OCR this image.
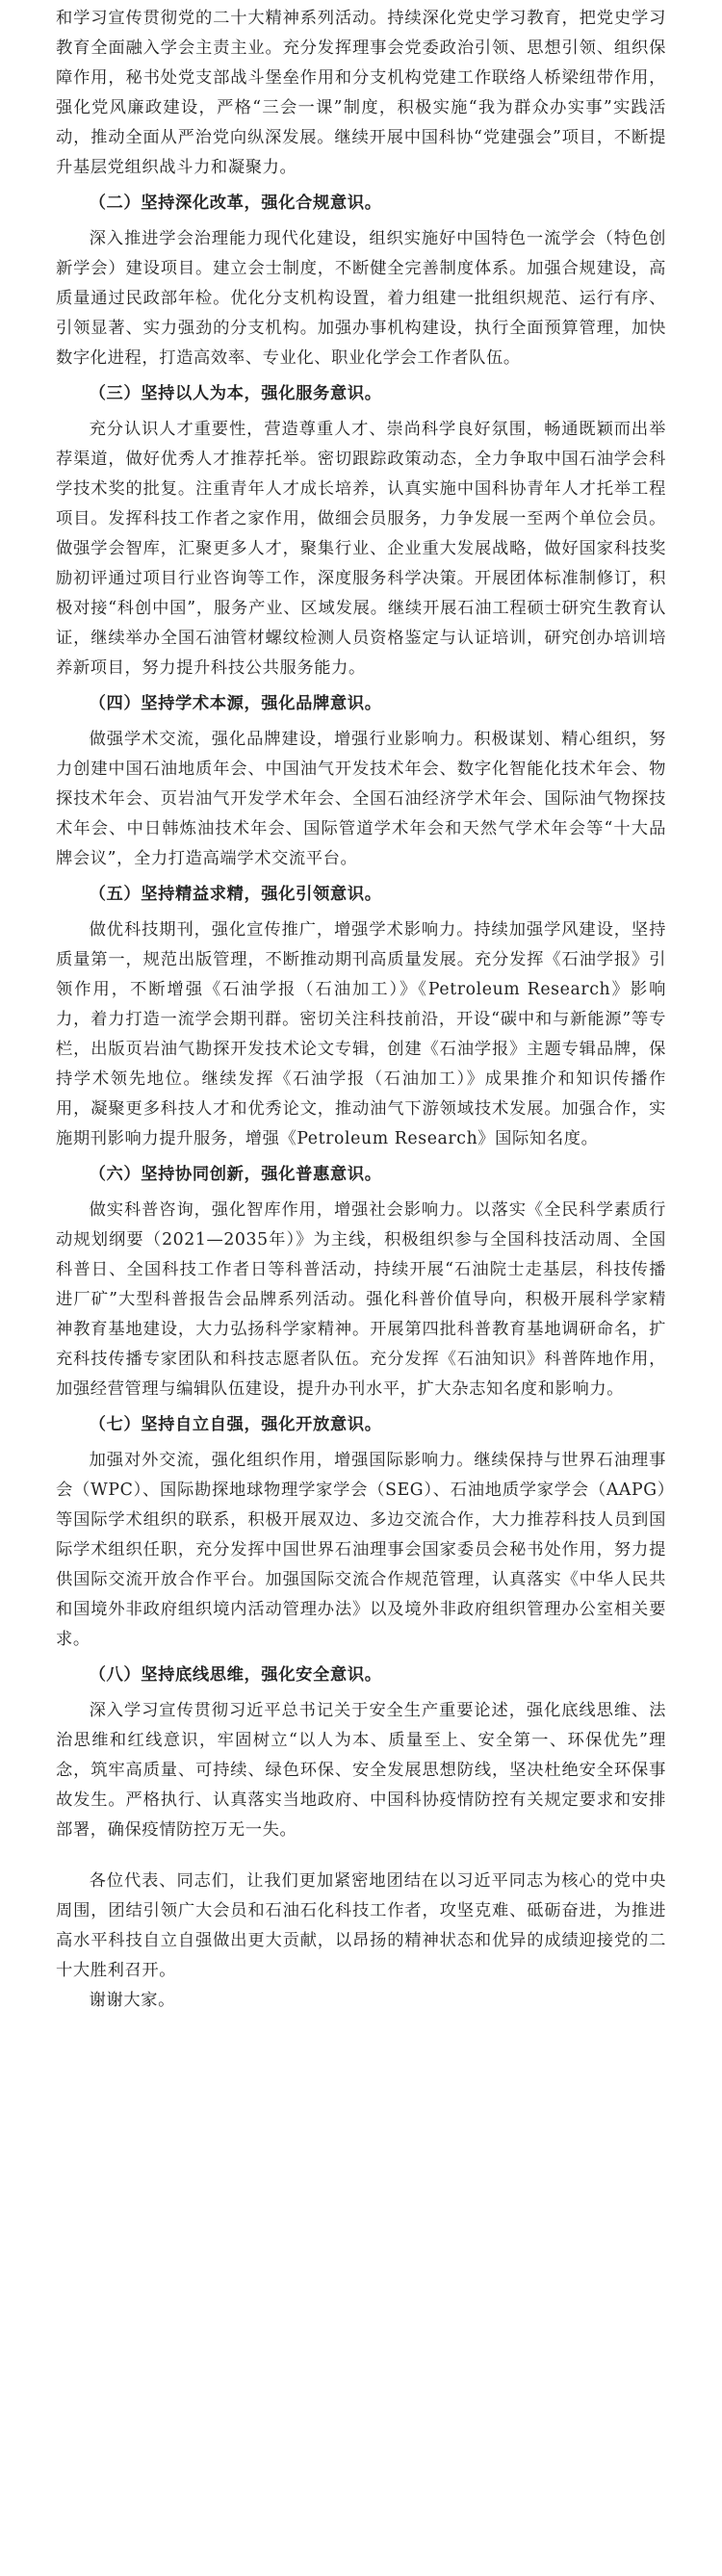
和学习宣传贯彻党的二十大精神系列活动。持续深化党史学习教育，把党史学习教育全面融入学会主责主业。充分发挥理事会党委政治引领、思想引领、组织保障作用，秘书处党支部战斗堡垒作用和分支机构党建工作联络人桥梁纽带作用，强化党风廉政建设，严格“三会一课”制度，积极实施“我为群众办实事”实践活动，推动全面从严治党向纵深发展。继续开展中国科协“党建强会”项目，不断提升基层党组织战斗力和凝聚力。

（二）坚持深化改革，强化合规意识。

深入推进学会治理能力现代化建设，组织实施好中国特色一流学会（特色创新学会）建设项目。建立会士制度，不断健全完善制度体系。加强合规建设，高质量通过民政部年检。优化分支机构设置，着力组建一批组织规范、运行有序、引领显著、实力强劲的分支机构。加强办事机构建设，执行全面预算管理，加快数字化进程，打造高效率、专业化、职业化学会工作者队伍。

（三）坚持以人为本，强化服务意识。

充分认识人才重要性，营造尊重人才、崇尚科学良好氛围，畅通既颖而出举荐渠道，做好优秀人才推荐托举。密切跟踪政策动态，全力争取中国石油学会科学技术奖的批复。注重青年人才成长培养，认真实施中国科协青年人才托举工程项目。发挥科技工作者之家作用，做细会员服务，力争发展一至两个单位会员。做强学会智库，汇聚更多人才，聚集行业、企业重大发展战略，做好国家科技奖励初评通过项目行业咨询等工作，深度服务科学决策。开展团体标准制修订，积极对接“科创中国”，服务产业、区域发展。继续开展石油工程硕士研究生教育认证，继续举办全国石油管材螺纹检测人员资格鉴定与认证培训，研究创办培训培养新项目，努力提升科技公共服务能力。

（四）坚持学术本源，强化品牌意识。

做强学术交流，强化品牌建设，增强行业影响力。积极谋划、精心组织，努力创建中国石油地质年会、中国油气开发技术年会、数字化智能化技术年会、物探技术年会、页岩油气开发学术年会、全国石油经济学术年会、国际油气物探技术年会、中日韩炼油技术年会、国际管道学术年会和天然气学术年会等“十大品牌会议”，全力打造高端学术交流平台。

（五）坚持精益求精，强化引领意识。

做优科技期刊，强化宣传推广，增强学术影响力。持续加强学风建设，坚持质量第一，规范出版管理，不断推动期刊高质量发展。充分发挥《石油学报》引领作用，不断增强《石油学报（石油加工）》《Petroleum Research》影响力，着力打造一流学会期刊群。密切关注科技前沿，开设“碳中和与新能源”等专栏，出版页岩油气勘探开发技术论文专辑，创建《石油学报》主题专辑品牌，保持学术领先地位。继续发挥《石油学报（石油加工）》成果推介和知识传播作用，凝聚更多科技人才和优秀论文，推动油气下游领域技术发展。加强合作，实施期刊影响力提升服务，增强《Petroleum Research》国际知名度。

（六）坚持协同创新，强化普惠意识。

做实科普咨询，强化智库作用，增强社会影响力。以落实《全民科学素质行动规划纲要（2021—2035年）》为主线，积极组织参与全国科技活动周、全国科普日、全国科技工作者日等科普活动，持续开展“石油院士走基层，科技传播进厂矿”大型科普报告会品牌系列活动。强化科普价值导向，积极开展科学家精神教育基地建设，大力弘扬科学家精神。开展第四批科普教育基地调研命名，扩充科技传播专家团队和科技志愿者队伍。充分发挥《石油知识》科普阵地作用，加强经营管理与编辑队伍建设，提升办刊水平，扩大杂志知名度和影响力。

（七）坚持自立自强，强化开放意识。

加强对外交流，强化组织作用，增强国际影响力。继续保持与世界石油理事会（WPC）、国际勘探地球物理学家学会（SEG）、石油地质学家学会（AAPG）等国际学术组织的联系，积极开展双边、多边交流合作，大力推荐科技人员到国际学术组织任职，充分发挥中国世界石油理事会国家委员会秘书处作用，努力提供国际交流开放合作平台。加强国际交流合作规范管理，认真落实《中华人民共和国境外非政府组织境内活动管理办法》以及境外非政府组织管理办公室相关要求。

（八）坚持底线思维，强化安全意识。

深入学习宣传贯彻习近平总书记关于安全生产重要论述，强化底线思维、法治思维和红线意识，牢固树立“以人为本、质量至上、安全第一、环保优先”理念，筑牢高质量、可持续、绿色环保、安全发展思想防线，坚决杜绝安全环保事故发生。严格执行、认真落实当地政府、中国科协疫情防控有关规定要求和安排部署，确保疫情防控万无一失。

各位代表、同志们，让我们更加紧密地团结在以习近平同志为核心的党中央周围，团结引领广大会员和石油石化科技工作者，攻坚克难、砥砺奋进，为推进高水平科技自立自强做出更大贡献，以昂扬的精神状态和优异的成绩迎接党的二十大胜利召开。

谢谢大家。
